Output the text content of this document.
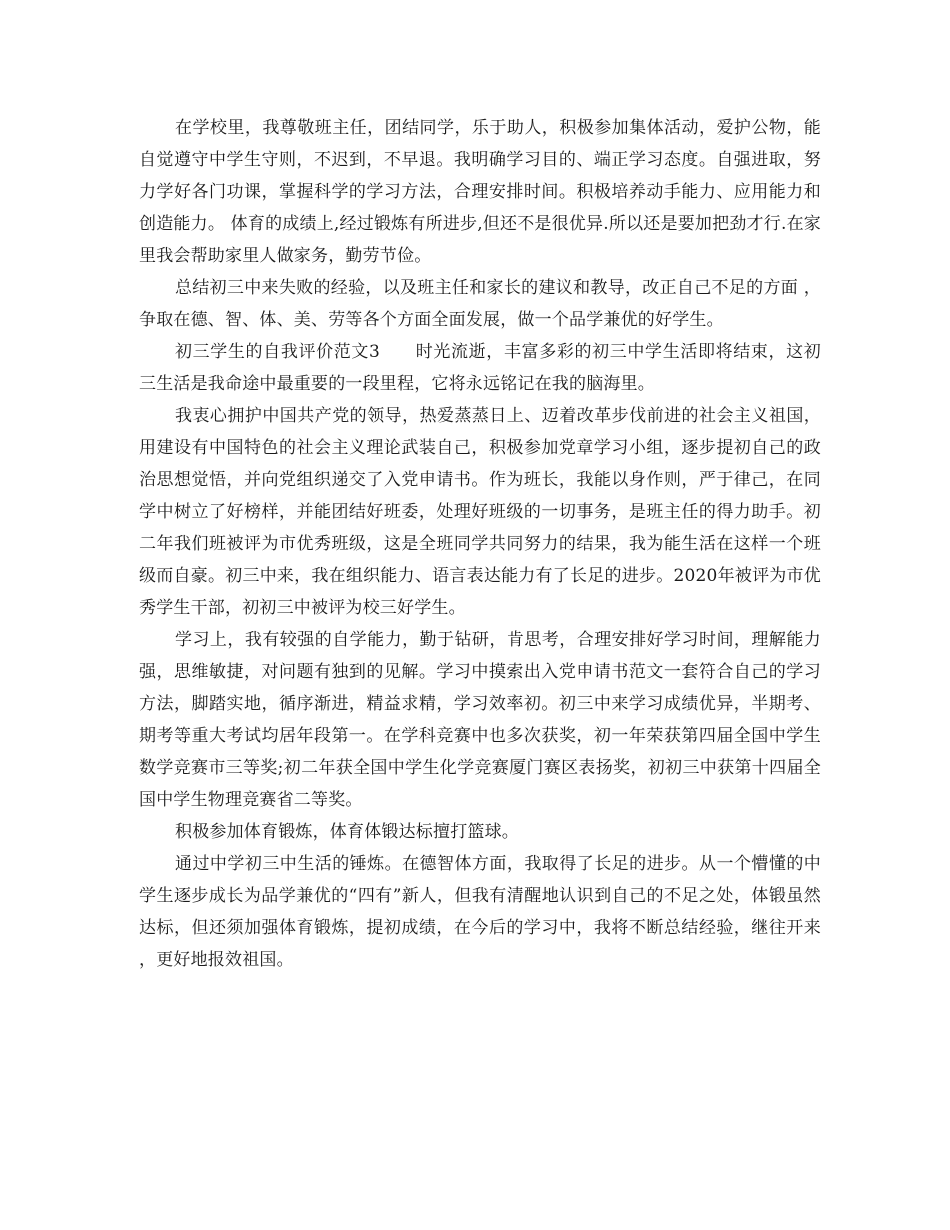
在学校里，我尊敬班主任，团结同学，乐于助人，积极参加集体活动，爱护公物，能自觉遵守中学生守则，不迟到，不早退。我明确学习目的、端正学习态度。自强进取，努力学好各门功课，掌握科学的学习方法，合理安排时间。积极培养动手能力、应用能力和创造能力。 体育的成绩上,经过锻炼有所进步,但还不是很优异.所以还是要加把劲才行.在家里我会帮助家里人做家务，勤劳节俭。

总结初三中来失败的经验，以及班主任和家长的建议和教导，改正自己不足的方面 ，争取在德、智、体、美、劳等各个方面全面发展，做一个品学兼优的好学生。

初三学生的自我评价范文3　　时光流逝，丰富多彩的初三中学生活即将结束，这初三生活是我命途中最重要的一段里程，它将永远铭记在我的脑海里。

我衷心拥护中国共产党的领导，热爱蒸蒸日上、迈着改革步伐前进的社会主义祖国，用建设有中国特色的社会主义理论武装自己，积极参加党章学习小组，逐步提初自己的政治思想觉悟，并向党组织递交了入党申请书。作为班长，我能以身作则，严于律己，在同学中树立了好榜样，并能团结好班委，处理好班级的一切事务，是班主任的得力助手。初二年我们班被评为市优秀班级，这是全班同学共同努力的结果，我为能生活在这样一个班级而自豪。初三中来，我在组织能力、语言表达能力有了长足的进步。2020年被评为市优秀学生干部，初初三中被评为校三好学生。

学习上，我有较强的自学能力，勤于钻研，肯思考，合理安排好学习时间，理解能力强，思维敏捷，对问题有独到的见解。学习中摸索出入党申请书范文一套符合自己的学习方法，脚踏实地，循序渐进，精益求精，学习效率初。初三中来学习成绩优异，半期考、期考等重大考试均居年段第一。在学科竞赛中也多次获奖，初一年荣获第四届全国中学生数学竞赛市三等奖;初二年获全国中学生化学竞赛厦门赛区表扬奖，初初三中获第十四届全国中学生物理竞赛省二等奖。

积极参加体育锻炼，体育体锻达标擅打篮球。

通过中学初三中生活的锤炼。在德智体方面，我取得了长足的进步。从一个懵懂的中学生逐步成长为品学兼优的“四有”新人，但我有清醒地认识到自己的不足之处，体锻虽然达标，但还须加强体育锻炼，提初成绩，在今后的学习中，我将不断总结经验，继往开来，更好地报效祖国。
